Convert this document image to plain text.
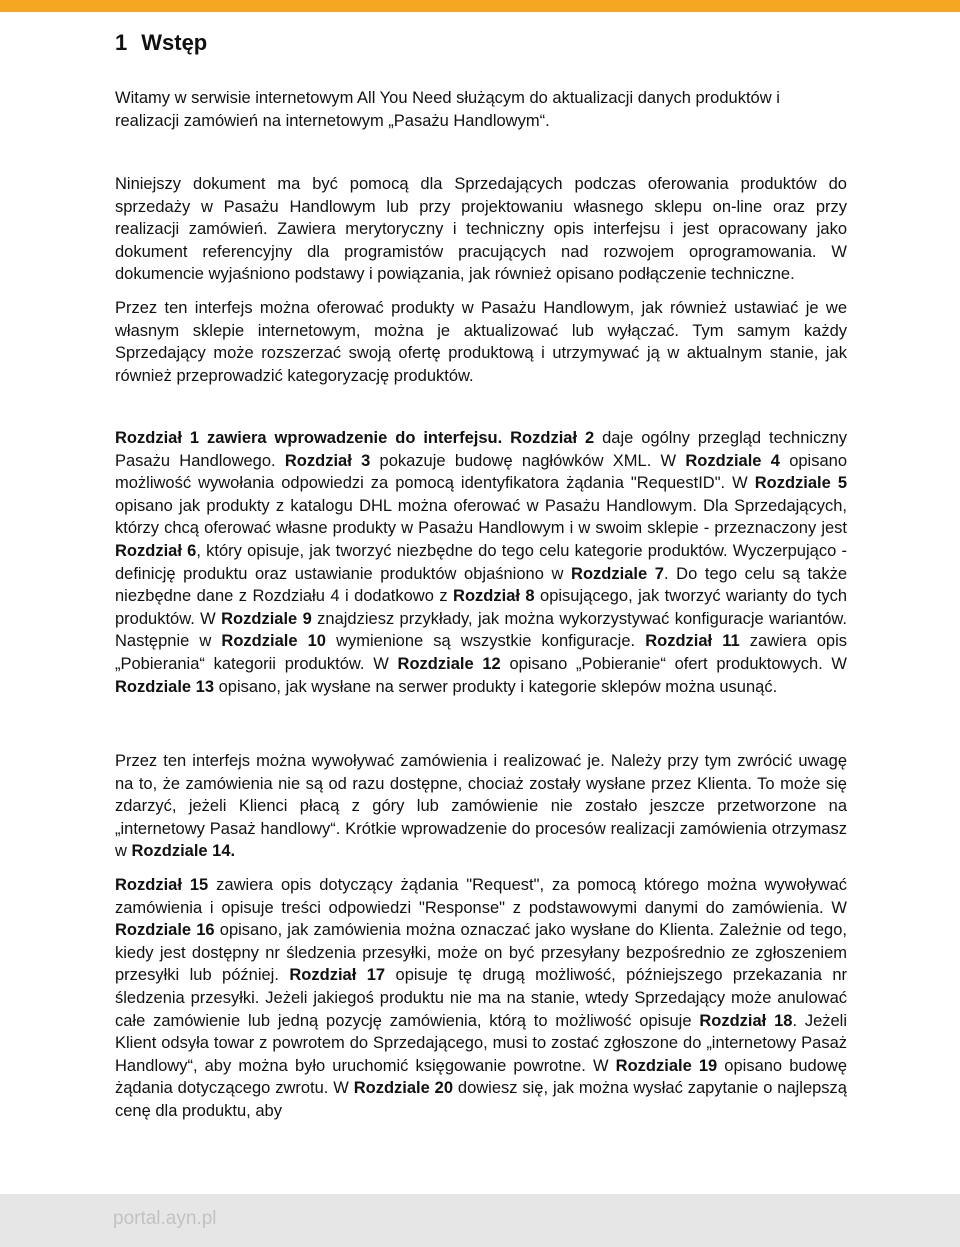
1 Wstęp

Witamy w serwisie internetowym All You Need służącym do aktualizacji danych produktów i realizacji zamówień na internetowym „Pasażu Handlowym“.

Niniejszy dokument ma być pomocą dla Sprzedających podczas oferowania produktów do sprzedaży w Pasażu Handlowym lub przy projektowaniu własnego sklepu on-line oraz przy realizacji zamówień. Zawiera merytoryczny i techniczny opis interfejsu i jest opracowany jako dokument referencyjny dla programistów pracujących nad rozwojem oprogramowania. W dokumencie wyjaśniono podstawy i powiązania, jak również opisano podłączenie techniczne.

Przez ten interfejs można oferować produkty w Pasażu Handlowym, jak również ustawiać je we własnym sklepie internetowym, można je aktualizować lub wyłączać. Tym samym każdy Sprzedający może rozszerzać swoją ofertę produktową i utrzymywać ją w aktualnym stanie, jak również przeprowadzić kategoryzację produktów.

Rozdział 1 zawiera wprowadzenie do interfejsu. Rozdział 2 daje ogólny przegląd techniczny Pasażu Handlowego. Rozdział 3 pokazuje budowę nagłówków XML. W Rozdziale 4 opisano możliwość wywołania odpowiedzi za pomocą identyfikatora żądania "RequestID". W Rozdziale 5 opisano jak produkty z katalogu DHL można oferować w Pasażu Handlowym. Dla Sprzedających, którzy chcą oferować własne produkty w Pasażu Handlowym i w swoim sklepie - przeznaczony jest Rozdział 6, który opisuje, jak tworzyć niezbędne do tego celu kategorie produktów. Wyczerpująco - definicję produktu oraz ustawianie produktów objaśniono w Rozdziale 7. Do tego celu są także niezbędne dane z Rozdziału 4 i dodatkowo z Rozdział 8 opisującego, jak tworzyć warianty do tych produktów. W Rozdziale 9 znajdziesz przykłady, jak można wykorzystywać konfiguracje wariantów. Następnie w Rozdziale 10 wymienione są wszystkie konfiguracje. Rozdział 11 zawiera opis „Pobierania“ kategorii produktów. W Rozdziale 12 opisano „Pobieranie“ ofert produktowych. W Rozdziale 13 opisano, jak wysłane na serwer produkty i kategorie sklepów można usunąć.

Przez ten interfejs można wywoływać zamówienia i realizować je. Należy przy tym zwrócić uwagę na to, że zamówienia nie są od razu dostępne, chociaż zostały wysłane przez Klienta. To może się zdarzyć, jeżeli Klienci płacą z góry lub zamówienie nie zostało jeszcze przetworzone na „internetowy Pasaż handlowy“. Krótkie wprowadzenie do procesów realizacji zamówienia otrzymasz w Rozdziale 14.

Rozdział 15 zawiera opis dotyczący żądania "Request", za pomocą którego można wywoływać zamówienia i opisuje treści odpowiedzi "Response" z podstawowymi danymi do zamówienia. W Rozdziale 16 opisano, jak zamówienia można oznaczać jako wysłane do Klienta. Zależnie od tego, kiedy jest dostępny nr śledzenia przesyłki, może on być przesyłany bezpośrednio ze zgłoszeniem przesyłki lub później. Rozdział 17 opisuje tę drugą możliwość, późniejszego przekazania nr śledzenia przesyłki. Jeżeli jakiegoś produktu nie ma na stanie, wtedy Sprzedający może anulować całe zamówienie lub jedną pozycję zamówienia, którą to możliwość opisuje Rozdział 18. Jeżeli Klient odsyła towar z powrotem do Sprzedającego, musi to zostać zgłoszone do „internetowy Pasaż Handlowy“, aby można było uruchomić księgowanie powrotne. W Rozdziale 19 opisano budowę żądania dotyczącego zwrotu. W Rozdziale 20 dowiesz się, jak można wysłać zapytanie o najlepszą cenę dla produktu, aby

portal.ayn.pl
